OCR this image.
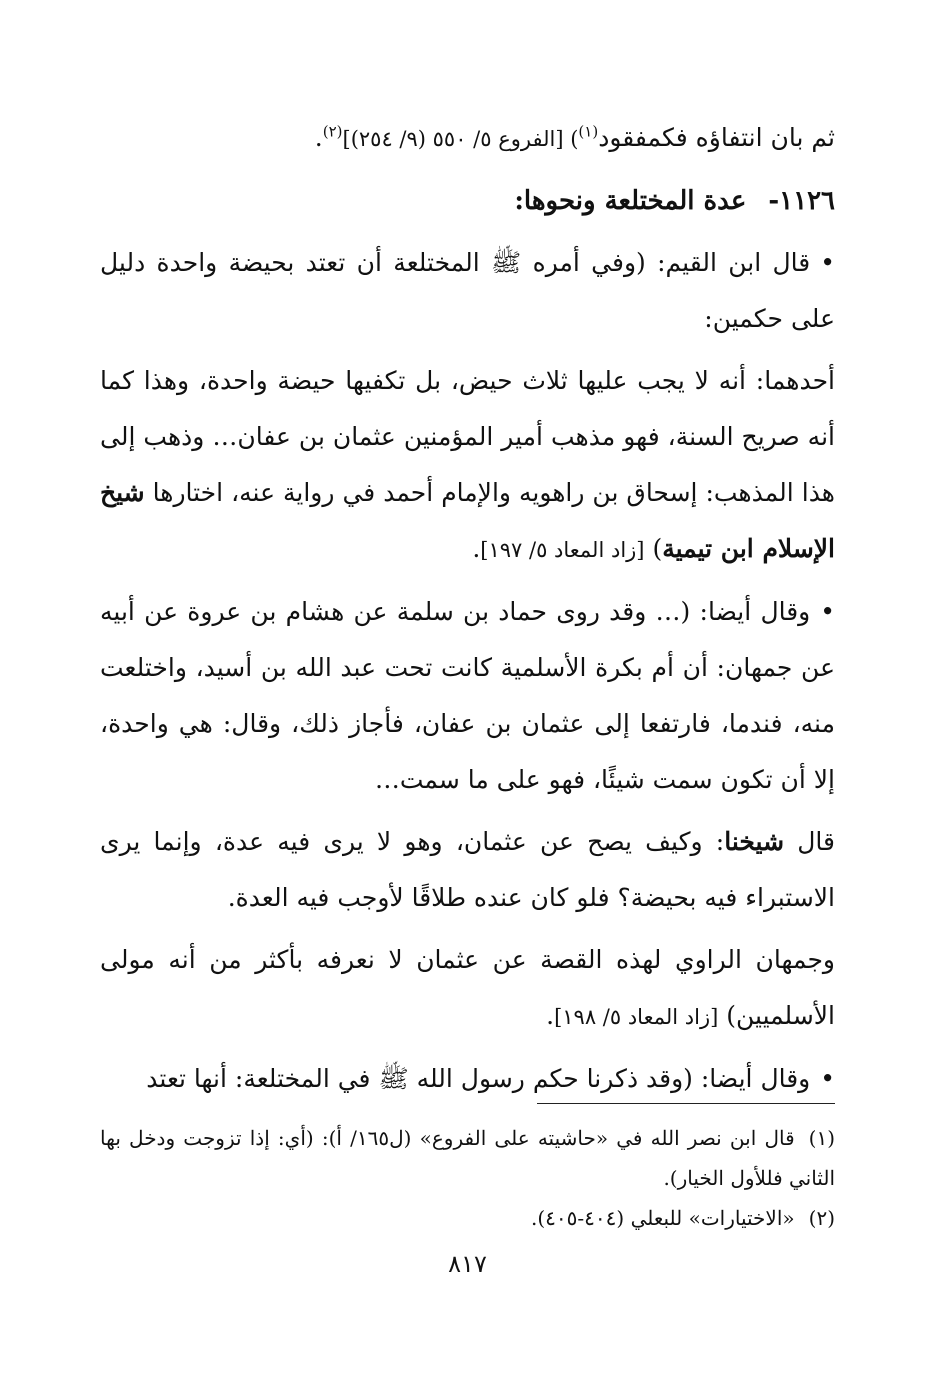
ثم بان انتفاؤه فكمفقود$^{(١)}$) [الفروع ٥/ ٥٥٠ (٩/ ٢٥٤)]$^{(٢)}$.

١١٢٦-عدة المختلعة ونحوها:

•قال ابن القيم: (وفي أمره ﷺ المختلعة أن تعتد بحيضة واحدة دليل على حكمين:

أحدهما: أنه لا يجب عليها ثلاث حيض، بل تكفيها حيضة واحدة، وهذا كما أنه صريح السنة، فهو مذهب أمير المؤمنين عثمان بن عفان… وذهب إلى هذا المذهب: إسحاق بن راهويه والإمام أحمد في رواية عنه، اختارها شيخ الإسلام ابن تيمية) [زاد المعاد ٥/ ١٩٧].

•وقال أيضا: (… وقد روى حماد بن سلمة عن هشام بن عروة عن أبيه عن جمهان: أن أم بكرة الأسلمية كانت تحت عبد الله بن أسيد، واختلعت منه، فندما، فارتفعا إلى عثمان بن عفان، فأجاز ذلك، وقال: هي واحدة، إلا أن تكون سمت شيئًا، فهو على ما سمت…

قال شيخنا: وكيف يصح عن عثمان، وهو لا يرى فيه عدة، وإنما يرى الاستبراء فيه بحيضة؟ فلو كان عنده طلاقًا لأوجب فيه العدة.

وجمهان الراوي لهذه القصة عن عثمان لا نعرفه بأكثر من أنه مولى الأسلميين) [زاد المعاد ٥/ ١٩٨].

•وقال أيضا: (وقد ذكرنا حكم رسول الله ﷺ في المختلعة: أنها تعتد

(١)قال ابن نصر الله في «حاشيته على الفروع» (ل١٦٥/ أ): (أي: إذا تزوجت ودخل بها الثاني فللأول الخيار).

(٢)«الاختيارات» للبعلي (٤٠٤-٤٠٥).

٨١٧
